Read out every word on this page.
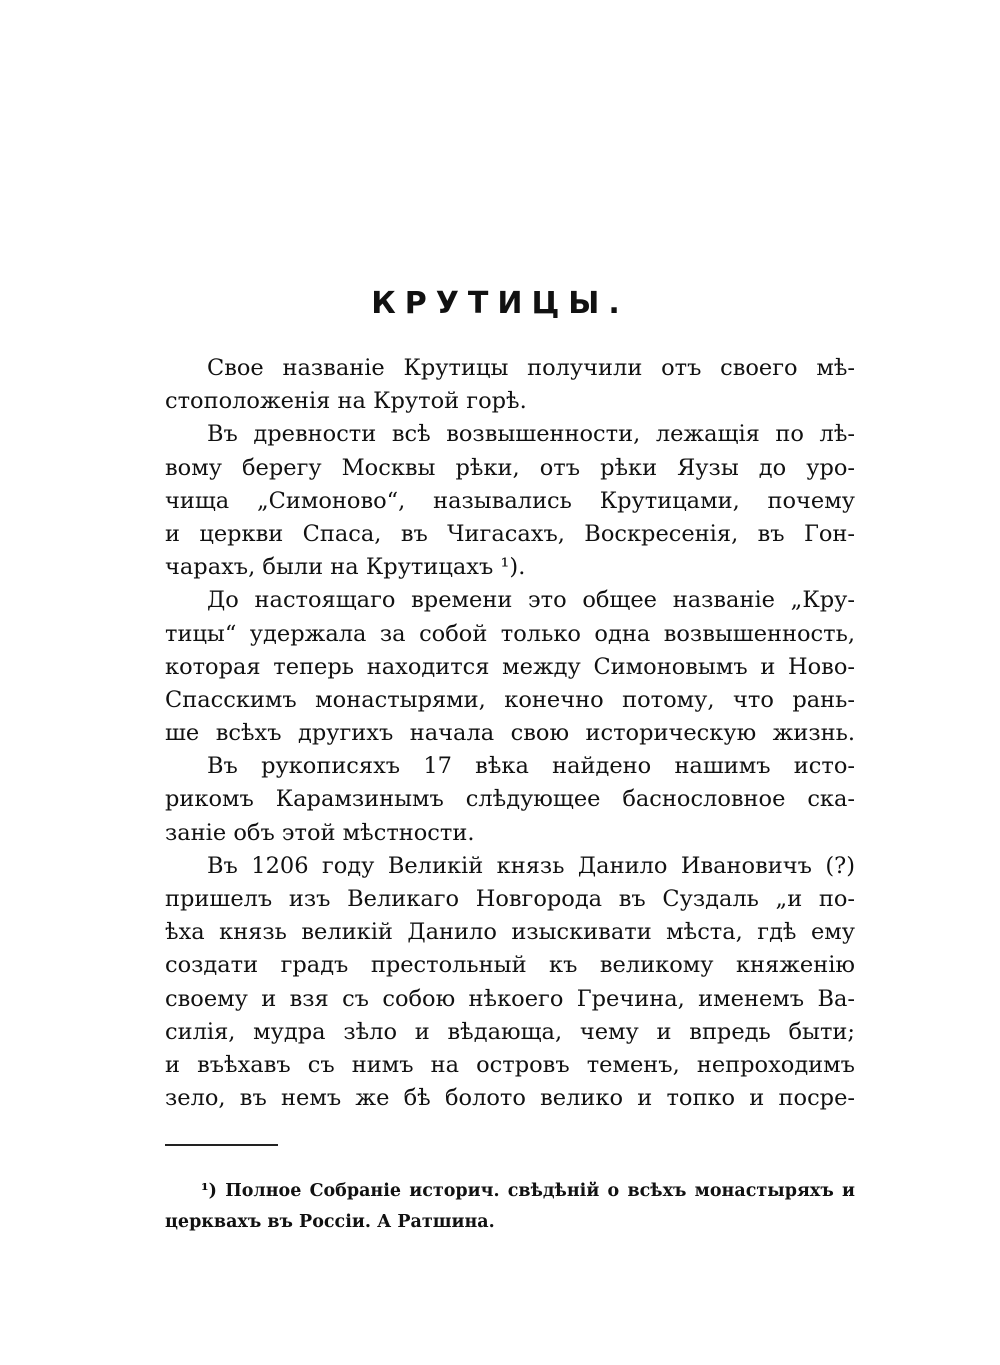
КРУТИЦЫ.
Свое названіе Крутицы получили отъ своего мѣ-
стоположенія на Крутой горѣ.
Въ древности всѣ возвышенности, лежащія по лѣ-
вому берегу Москвы рѣки, отъ рѣки Яузы до уро-
чища „Симоново“, назывались Крутицами, почему
и церкви Спаса, въ Чигасахъ, Воскресенія, въ Гон-
чарахъ, были на Крутицахъ ¹).
До настоящаго времени это общее названіе „Кру-
тицы“ удержала за собой только одна возвышенность,
которая теперь находится между Симоновымъ и Ново-
Спасскимъ монастырями, конечно потому, что рань-
ше всѣхъ другихъ начала свою историческую жизнь.
Въ рукописяхъ 17 вѣка найдено нашимъ исто-
рикомъ Карамзинымъ слѣдующее баснословное ска-
заніе объ этой мѣстности.
Въ 1206 году Великій князь Данило Ивановичъ (?)
пришелъ изъ Великаго Новгорода въ Суздаль „и по-
ѣха князь великій Данило изыскивати мѣста, гдѣ ему
создати градъ престольный къ великому княженію
своему и взя съ собою нѣкоего Гречина, именемъ Ва-
силія, мудра зѣло и вѣдающа, чему и впредь быти;
и въѣхавъ съ нимъ на островъ теменъ, непроходимъ
зело, въ немъ же бѣ болото велико и топко и посре-
¹) Полное Собраніе историч. свѣдѣній о всѣхъ монастыряхъ и
церквахъ въ Россіи. А Ратшина.
